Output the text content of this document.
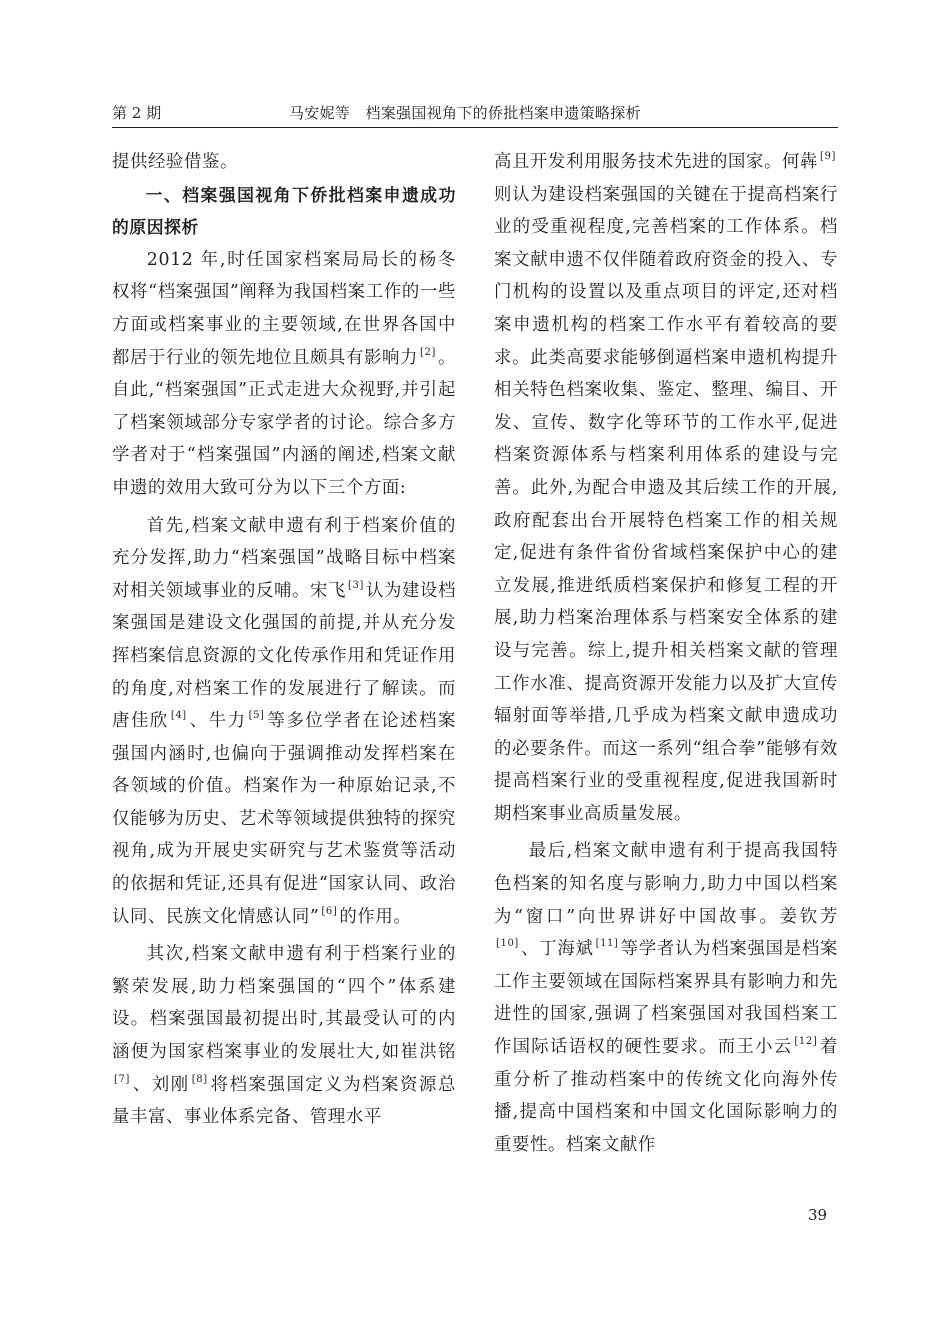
第 2 期	马安妮等　档案强国视角下的侨批档案申遗策略探析

提供经验借鉴。

一、档案强国视角下侨批档案申遗成功的原因探析

2012 年,时任国家档案局局长的杨冬权将“档案强国”阐释为我国档案工作的一些方面或档案事业的主要领域,在世界各国中都居于行业的领先地位且颇具有影响力 [2] 。自此,“档案强国”正式走进大众视野,并引起了档案领域部分专家学者的讨论。综合多方学者对于“档案强国”内涵的阐述,档案文献申遗的效用大致可分为以下三个方面:

首先,档案文献申遗有利于档案价值的充分发挥,助力“档案强国”战略目标中档案对相关领域事业的反哺。宋飞 [3] 认为建设档案强国是建设文化强国的前提,并从充分发挥档案信息资源的文化传承作用和凭证作用的角度,对档案工作的发展进行了解读。而唐佳欣 [4] 、牛力 [5] 等多位学者在论述档案强国内涵时,也偏向于强调推动发挥档案在各领域的价值。档案作为一种原始记录,不仅能够为历史、艺术等领域提供独特的探究视角,成为开展史实研究与艺术鉴赏等活动的依据和凭证,还具有促进“国家认同、政治认同、民族文化情感认同” [6] 的作用。

其次,档案文献申遗有利于档案行业的繁荣发展,助力档案强国的“四个”体系建设。档案强国最初提出时,其最受认可的内涵便为国家档案事业的发展壮大,如崔洪铭[7] 、刘刚 [8] 将档案强国定义为档案资源总量丰富、事业体系完备、管理水平

高且开发利用服务技术先进的国家。何犇 [9]则认为建设档案强国的关键在于提高档案行业的受重视程度,完善档案的工作体系。档案文献申遗不仅伴随着政府资金的投入、专门机构的设置以及重点项目的评定,还对档案申遗机构的档案工作水平有着较高的要求。此类高要求能够倒逼档案申遗机构提升相关特色档案收集、鉴定、整理、编目、开发、宣传、数字化等环节的工作水平,促进档案资源体系与档案利用体系的建设与完善。此外,为配合申遗及其后续工作的开展,政府配套出台开展特色档案工作的相关规定,促进有条件省份省域档案保护中心的建立发展,推进纸质档案保护和修复工程的开展,助力档案治理体系与档案安全体系的建设与完善。综上,提升相关档案文献的管理工作水准、提高资源开发能力以及扩大宣传辐射面等举措,几乎成为档案文献申遗成功的必要条件。而这一系列“组合拳”能够有效提高档案行业的受重视程度,促进我国新时期档案事业高质量发展。

最后,档案文献申遗有利于提高我国特色档案的知名度与影响力,助力中国以档案为“窗口”向世界讲好中国故事。姜钦芳[10] 、丁海斌 [11] 等学者认为档案强国是档案工作主要领域在国际档案界具有影响力和先进性的国家,强调了档案强国对我国档案工作国际话语权的硬性要求。而王小云 [12] 着重分析了推动档案中的传统文化向海外传播,提高中国档案和中国文化国际影响力的重要性。档案文献作

39
